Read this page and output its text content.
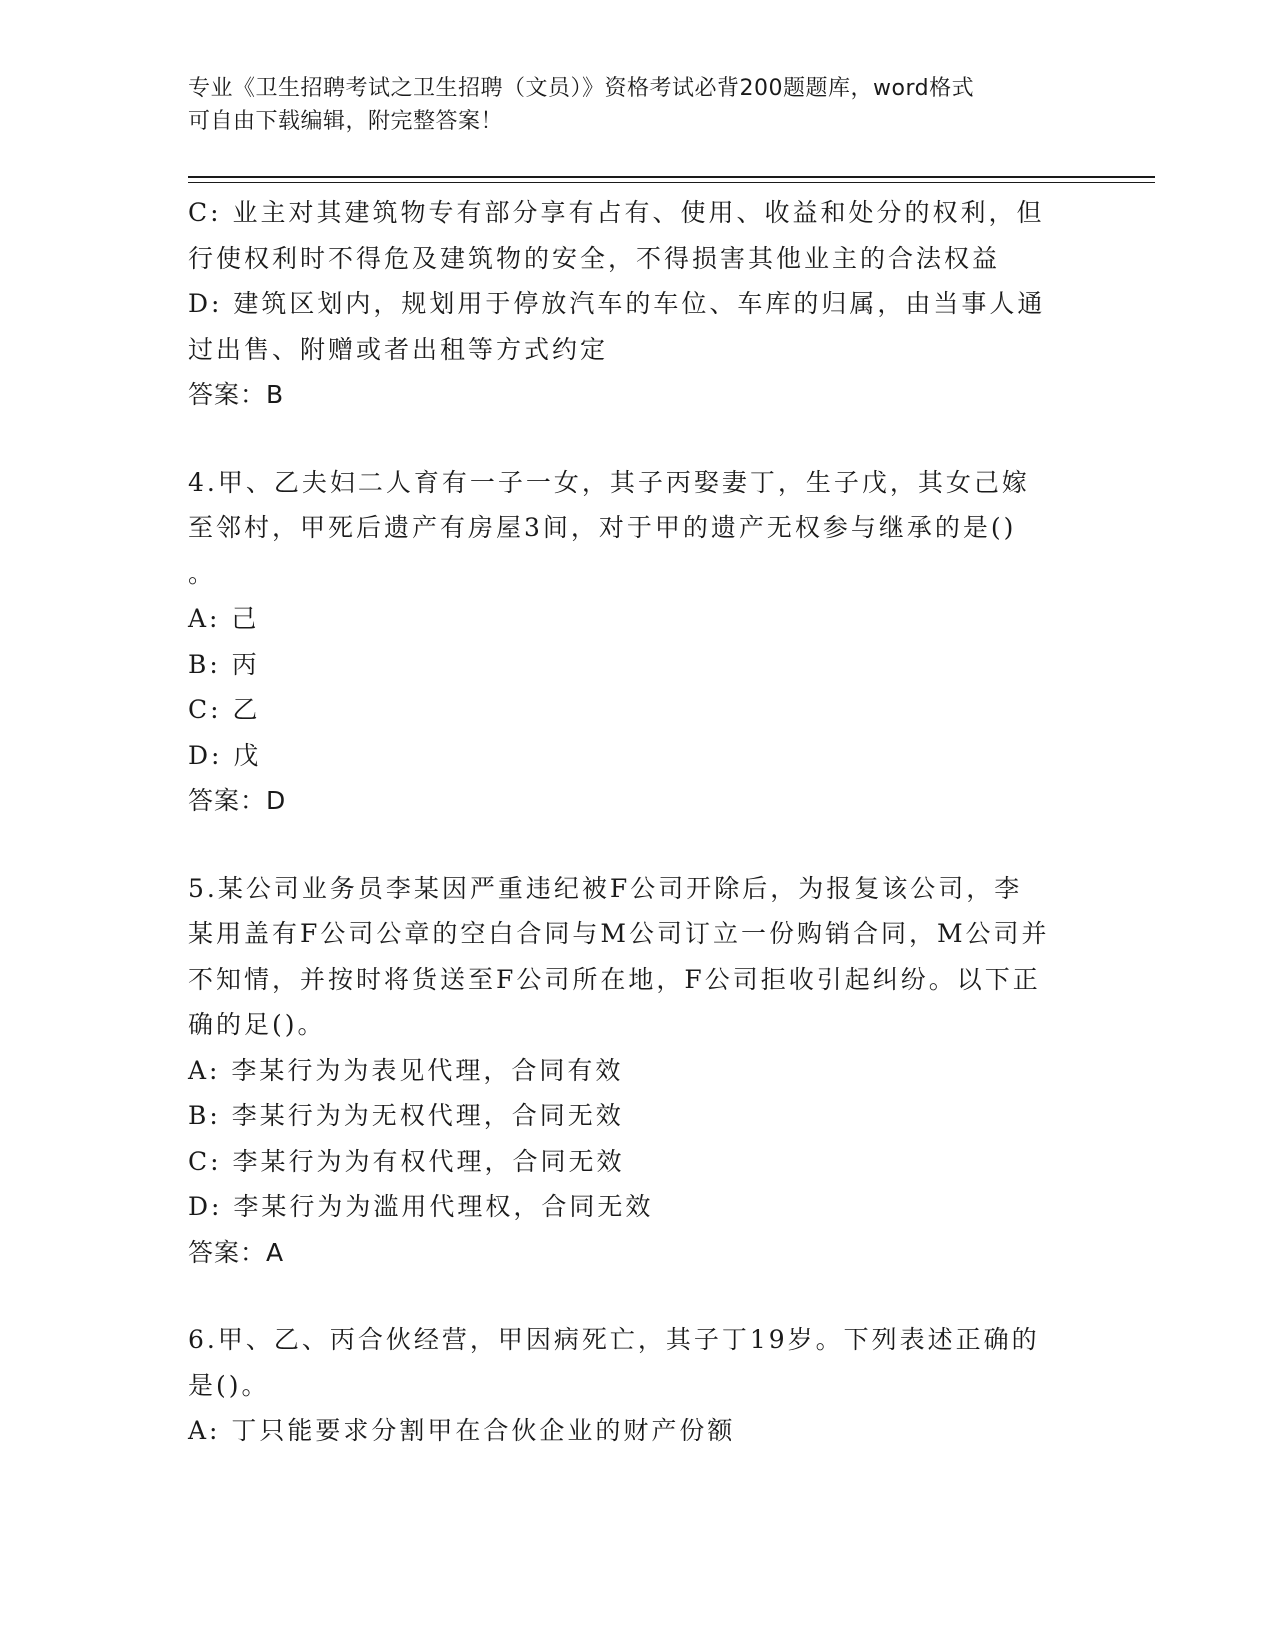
专业《卫生招聘考试之卫生招聘（文员）》资格考试必背200题题库，word格式
可自由下载编辑，附完整答案！
C: 业主对其建筑物专有部分享有占有、使用、收益和处分的权利，但
行使权利时不得危及建筑物的安全，不得损害其他业主的合法权益
D: 建筑区划内，规划用于停放汽车的车位、车库的归属，由当事人通
过出售、附赠或者出租等方式约定
答案：B
4.甲、乙夫妇二人育有一子一女，其子丙娶妻丁，生子戊，其女己嫁
至邻村，甲死后遗产有房屋3间，对于甲的遗产无权参与继承的是()
。
A: 己
B: 丙
C: 乙
D: 戊
答案：D
5.某公司业务员李某因严重违纪被F公司开除后，为报复该公司，李
某用盖有F公司公章的空白合同与M公司订立一份购销合同，M公司并
不知情，并按时将货送至F公司所在地，F公司拒收引起纠纷。以下正
确的足()。
A: 李某行为为表见代理，合同有效
B: 李某行为为无权代理，合同无效
C: 李某行为为有权代理，合同无效
D: 李某行为为滥用代理权，合同无效
答案：A
6.甲、乙、丙合伙经营，甲因病死亡，其子丁19岁。下列表述正确的
是()。
A: 丁只能要求分割甲在合伙企业的财产份额
